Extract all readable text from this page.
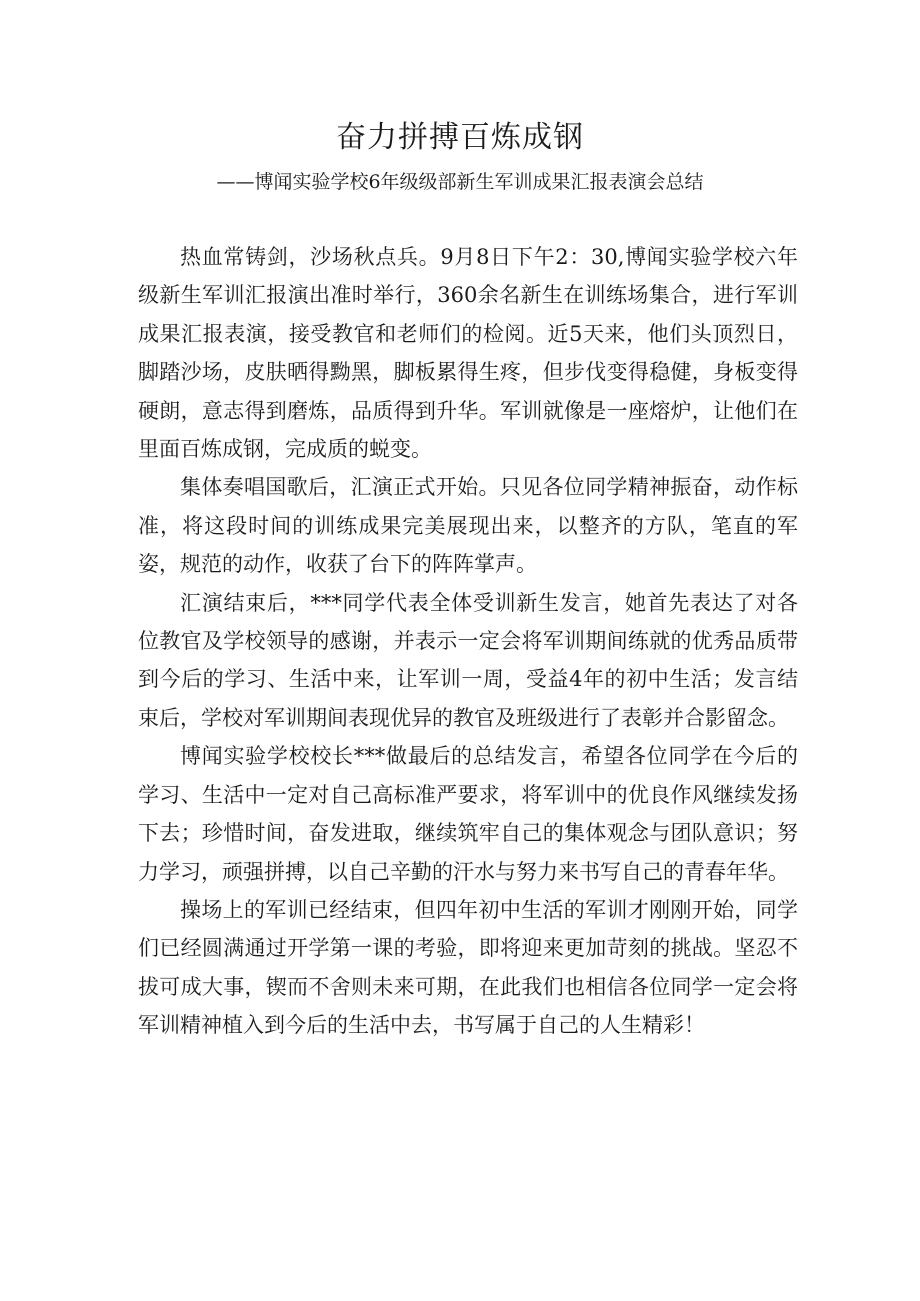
奋力拼搏百炼成钢
——博闻实验学校6年级级部新生军训成果汇报表演会总结

热血常铸剑，沙场秋点兵。9月8日下午2：30,博闻实验学校六年级新生军训汇报演出准时举行，360余名新生在训练场集合，进行军训成果汇报表演，接受教官和老师们的检阅。近5天来，他们头顶烈日，脚踏沙场，皮肤晒得黝黑，脚板累得生疼，但步伐变得稳健，身板变得硬朗，意志得到磨炼，品质得到升华。军训就像是一座熔炉，让他们在里面百炼成钢，完成质的蜕变。

集体奏唱国歌后，汇演正式开始。只见各位同学精神振奋，动作标准，将这段时间的训练成果完美展现出来，以整齐的方队，笔直的军姿，规范的动作，收获了台下的阵阵掌声。

汇演结束后，***同学代表全体受训新生发言，她首先表达了对各位教官及学校领导的感谢，并表示一定会将军训期间练就的优秀品质带到今后的学习、生活中来，让军训一周，受益4年的初中生活；发言结束后，学校对军训期间表现优异的教官及班级进行了表彰并合影留念。

博闻实验学校校长***做最后的总结发言，希望各位同学在今后的学习、生活中一定对自己高标准严要求，将军训中的优良作风继续发扬下去；珍惜时间，奋发进取，继续筑牢自己的集体观念与团队意识；努力学习，顽强拼搏，以自己辛勤的汗水与努力来书写自己的青春年华。

操场上的军训已经结束，但四年初中生活的军训才刚刚开始，同学们已经圆满通过开学第一课的考验，即将迎来更加苛刻的挑战。坚忍不拔可成大事，锲而不舍则未来可期，在此我们也相信各位同学一定会将军训精神植入到今后的生活中去，书写属于自己的人生精彩！
